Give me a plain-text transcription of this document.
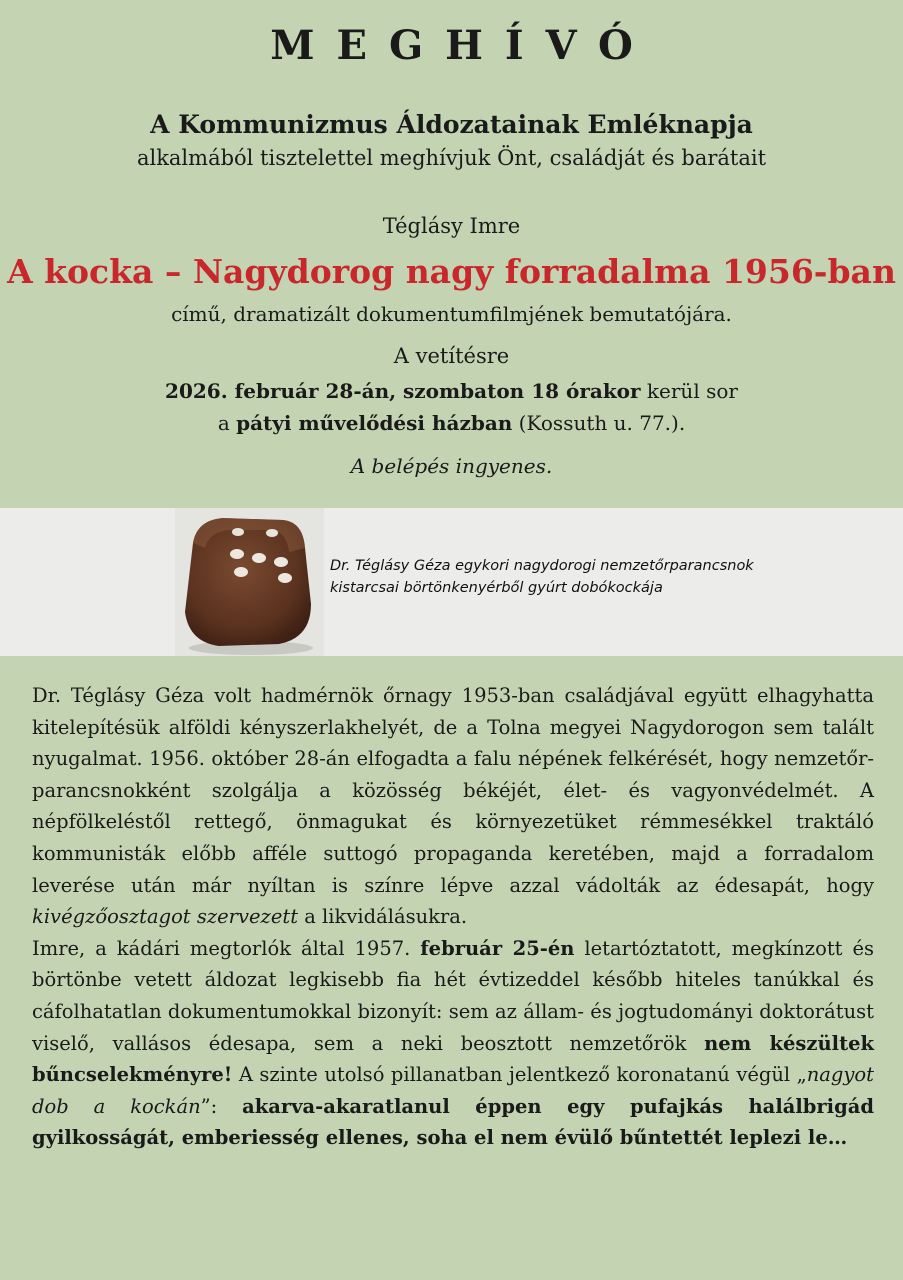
MEGHÍVÓ
A Kommunizmus Áldozatainak Emléknapja
alkalmából tisztelettel meghívjuk Önt, családját és barátait
Téglásy Imre
A kocka – Nagydorog nagy forradalma 1956-ban
című, dramatizált dokumentumfilmjének bemutatójára.
A vetítésre
2026. február 28-án, szombaton 18 órakor kerül sor
a pátyi művelődési házban (Kossuth u. 77.).
A belépés ingyenes.
Dr. Téglásy Géza egykori nagydorogi nemzetőrparancsnok
kistarcsai börtönkenyérből gyúrt dobókockája

Dr. Téglásy Géza volt hadmérnök őrnagy 1953-ban családjával együtt elhagyhatta kitelepítésük alföldi kényszerlakhelyét, de a Tolna megyei Nagydorogon sem talált nyugalmat. 1956. október 28-án elfogadta a falu népének felkérését, hogy nemzetőr-parancsnokként szolgálja a közösség békéjét, élet- és vagyonvédelmét. A népfölkeléstől rettegő, önmagukat és környezetüket rémmesékkel traktáló kommunisták előbb afféle suttogó propaganda keretében, majd a forradalom leverése után már nyíltan is színre lépve azzal vádolták az édesapát, hogy kivégzőosztagot szervezett a likvidálásukra.

Imre, a kádári megtorlók által 1957. február 25-én letartóztatott, megkínzott és börtönbe vetett áldozat legkisebb fia hét évtizeddel később hiteles tanúkkal és cáfolhatatlan dokumentumokkal bizonyít: sem az állam- és jogtudományi doktorátust viselő, vallásos édesapa, sem a neki beosztott nemzetőrök nem készültek bűncselekményre! A szinte utolsó pillanatban jelentkező koronatanú végül „nagyot dob a kockán”: akarva-akaratlanul éppen egy pufajkás halálbrigád gyilkosságát, emberiesség ellenes, soha el nem évülő bűntettét leplezi le…
